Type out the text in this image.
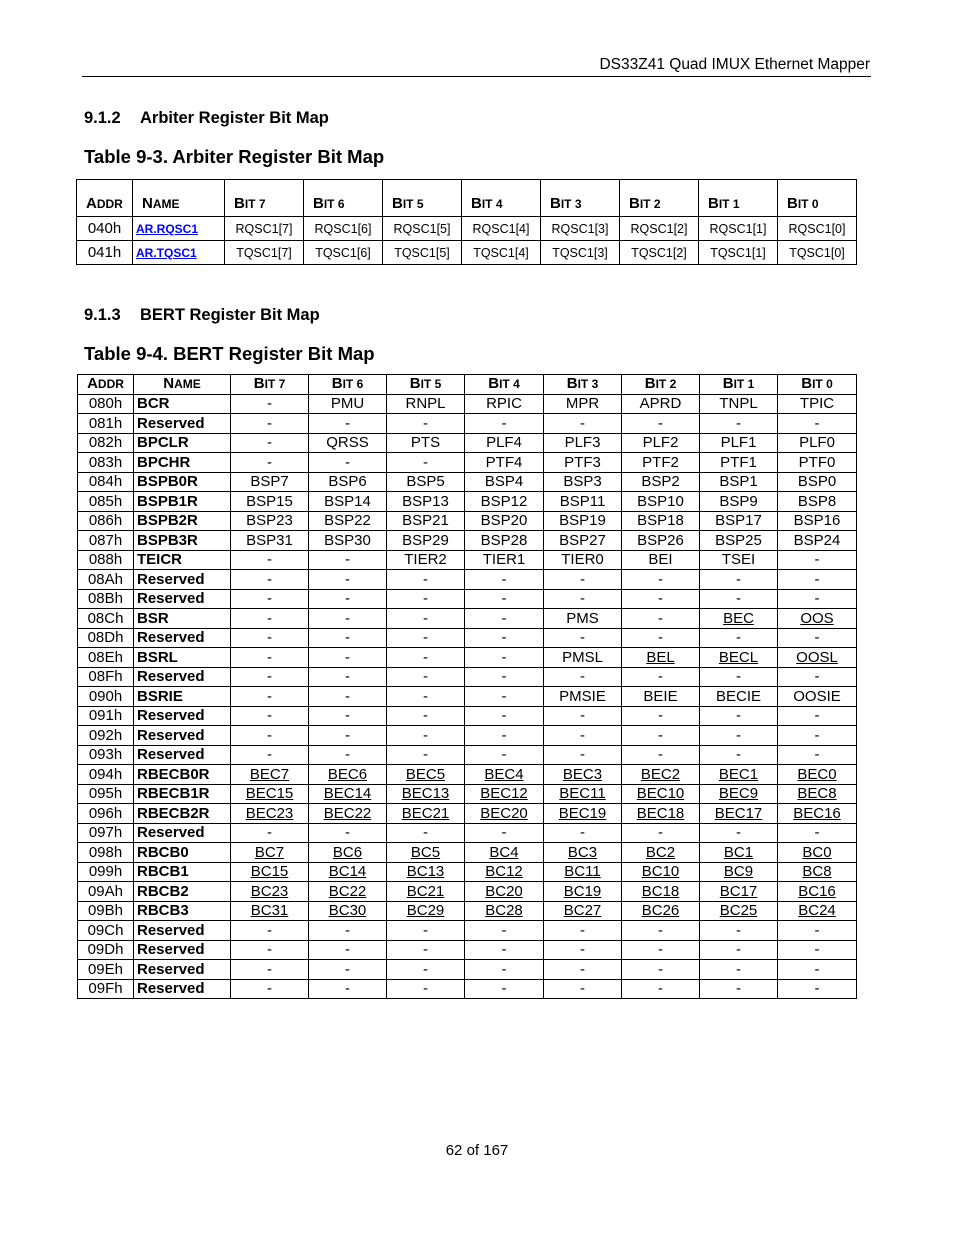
DS33Z41 Quad IMUX Ethernet Mapper
9.1.2 Arbiter Register Bit Map
Table 9-3. Arbiter Register Bit Map
ADDR	NAME	BIT 7	BIT 6	BIT 5	BIT 4	BIT 3	BIT 2	BIT 1	BIT 0
040h	AR.RQSC1	RQSC1[7]	RQSC1[6]	RQSC1[5]	RQSC1[4]	RQSC1[3]	RQSC1[2]	RQSC1[1]	RQSC1[0]
041h	AR.TQSC1	TQSC1[7]	TQSC1[6]	TQSC1[5]	TQSC1[4]	TQSC1[3]	TQSC1[2]	TQSC1[1]	TQSC1[0]
9.1.3 BERT Register Bit Map
Table 9-4. BERT Register Bit Map
ADDR	NAME	BIT 7	BIT 6	BIT 5	BIT 4	BIT 3	BIT 2	BIT 1	BIT 0
080h	BCR	-	PMU	RNPL	RPIC	MPR	APRD	TNPL	TPIC
081h	Reserved	-	-	-	-	-	-	-	-
082h	BPCLR	-	QRSS	PTS	PLF4	PLF3	PLF2	PLF1	PLF0
083h	BPCHR	-	-	-	PTF4	PTF3	PTF2	PTF1	PTF0
084h	BSPB0R	BSP7	BSP6	BSP5	BSP4	BSP3	BSP2	BSP1	BSP0
085h	BSPB1R	BSP15	BSP14	BSP13	BSP12	BSP11	BSP10	BSP9	BSP8
086h	BSPB2R	BSP23	BSP22	BSP21	BSP20	BSP19	BSP18	BSP17	BSP16
087h	BSPB3R	BSP31	BSP30	BSP29	BSP28	BSP27	BSP26	BSP25	BSP24
088h	TEICR	-	-	TIER2	TIER1	TIER0	BEI	TSEI	-
08Ah	Reserved	-	-	-	-	-	-	-	-
08Bh	Reserved	-	-	-	-	-	-	-	-
08Ch	BSR	-	-	-	-	PMS	-	BEC	OOS
08Dh	Reserved	-	-	-	-	-	-	-	-
08Eh	BSRL	-	-	-	-	PMSL	BEL	BECL	OOSL
08Fh	Reserved	-	-	-	-	-	-	-	-
090h	BSRIE	-	-	-	-	PMSIE	BEIE	BECIE	OOSIE
091h	Reserved	-	-	-	-	-	-	-	-
092h	Reserved	-	-	-	-	-	-	-	-
093h	Reserved	-	-	-	-	-	-	-	-
094h	RBECB0R	BEC7	BEC6	BEC5	BEC4	BEC3	BEC2	BEC1	BEC0
095h	RBECB1R	BEC15	BEC14	BEC13	BEC12	BEC11	BEC10	BEC9	BEC8
096h	RBECB2R	BEC23	BEC22	BEC21	BEC20	BEC19	BEC18	BEC17	BEC16
097h	Reserved	-	-	-	-	-	-	-	-
098h	RBCB0	BC7	BC6	BC5	BC4	BC3	BC2	BC1	BC0
099h	RBCB1	BC15	BC14	BC13	BC12	BC11	BC10	BC9	BC8
09Ah	RBCB2	BC23	BC22	BC21	BC20	BC19	BC18	BC17	BC16
09Bh	RBCB3	BC31	BC30	BC29	BC28	BC27	BC26	BC25	BC24
09Ch	Reserved	-	-	-	-	-	-	-	-
09Dh	Reserved	-	-	-	-	-	-	-	-
09Eh	Reserved	-	-	-	-	-	-	-	-
09Fh	Reserved	-	-	-	-	-	-	-	-
62 of 167
